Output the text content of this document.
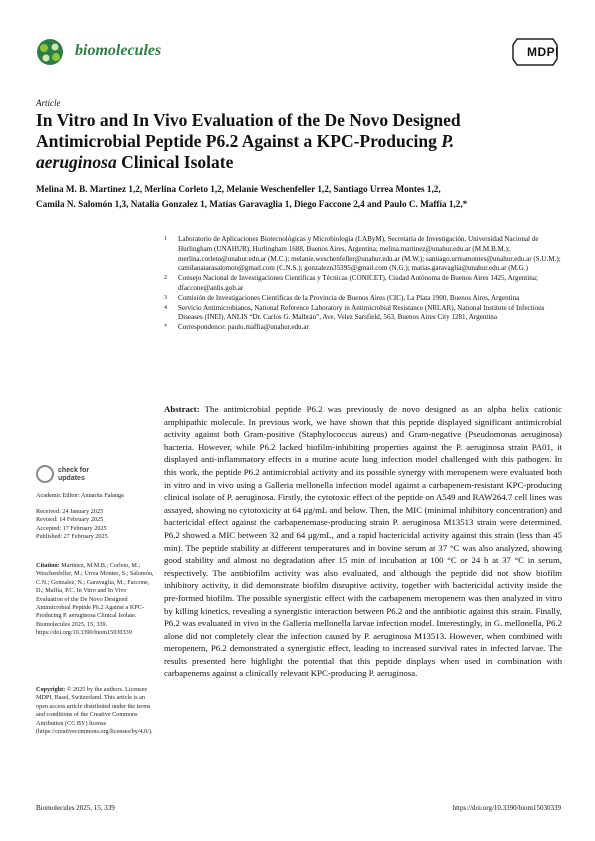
biomolecules	MDPI
Article
In Vitro and In Vivo Evaluation of the De Novo Designed Antimicrobial Peptide P6.2 Against a KPC-Producing P. aeruginosa Clinical Isolate
Melina M. B. Martinez 1,2, Merlina Corleto 1,2, Melanie Weschenfeller 1,2, Santiago Urrea Montes 1,2,
Camila N. Salomón 1,3, Natalia Gonzalez 1, Matías Garavaglia 1, Diego Faccone 2,4 and Paulo C. Maffía 1,2,*
1 Laboratorio de Aplicaciones Biotecnológicas y Microbiología (LAByM), Secretaría de Investigación, Universidad Nacional de Hurlingham (UNAHUR), Hurlingham 1688, Buenos Aires, Argentina; melina.martinez@unahur.edu.ar (M.M.B.M.); merlina.corleto@unahur.edu.ar (M.C.); melanie.weschenfeller@unahur.edu.ar (M.W.); santiago.urreamontes@unahur.edu.ar (S.U.M.); camilanaiarasalomon@gmail.com (C.N.S.); gonzalezn35395@gmail.com (N.G.); matias.garavaglia@unahur.edu.ar (M.G.)
2 Consejo Nacional de Investigaciones Científicas y Técnicas (CONICET), Ciudad Autónoma de Buenos Aires 1425, Argentina; dfaccone@anlis.gob.ar
3 Comisión de Investigaciones Científicas de la Provincia de Buenos Aires (CIC), La Plata 1900, Buenos Aires, Argentina
4 Servicio Antimicrobianos, National Reference Laboratory in Antimicrobial Resistance (NRLAR), National Institute of Infectious Diseases (INEI), ANLIS “Dr. Carlos G. Malbrán”, Ave. Velez Sarsfield, 563, Buenos Aires City 1281, Argentina
* Correspondence: paulo.maffia@unahur.edu.ar
Abstract: The antimicrobial peptide P6.2 was previously de novo designed as an alpha helix cationic amphipathic molecule. In previous work, we have shown that this peptide displayed significant antimicrobial activity against both Gram-positive (Staphylococcus aureus) and Gram-negative (Pseudomonas aeruginosa) bacteria. However, while P6.2 lacked biofilm-inhibiting properties against the P. aeruginosa strain PA01, it displayed anti-inflammatory effects in a murine acute lung infection model challenged with this pathogen. In this work, the peptide P6.2 antimicrobial activity and its possible synergy with meropenem were evaluated both in vitro and in vivo using a Galleria mellonella infection model against a carbapenem-resistant KPC-producing clinical isolate of P. aeruginosa. Firstly, the cytotoxic effect of the peptide on A549 and RAW264.7 cell lines was assayed, showing no cytotoxicity at 64 μg/mL and below. Then, the MIC (minimal inhibitory concentration) and bactericidal effect against the carbapenemase-producing strain P. aeruginosa M13513 strain were determined. P6.2 showed a MIC between 32 and 64 μg/mL, and a rapid bactericidal activity against this strain (less than 45 min). The peptide stability at different temperatures and in bovine serum at 37 °C was also analyzed, showing good stability and almost no degradation after 15 min of incubation at 100 °C or 24 h at 37 °C in serum, respectively. The antibiofilm activity was also evaluated, and although the peptide did not show biofilm inhibitory activity, it did demonstrate biofilm disruptive activity, together with bactericidal activity inside the pre-formed biofilm. The possible synergistic effect with the carbapenem meropenem was then analyzed in vitro by killing kinetics, revealing a synergistic interaction between P6.2 and the antibiotic against this strain. Finally, P6.2 was evaluated in vivo in the Galleria mellonella larvae infection model. Interestingly, in G. mellonella, P6.2 alone did not completely clear the infection caused by P. aeruginosa M13513. However, when combined with meropenem, P6.2 demonstrated a synergistic effect, leading to increased survival rates in infected larvae. The results presented here highlight the potential that this peptide displays when used in combination with carbapenems against a clinically relevant KPC-producing P. aeruginosa.
check for
updates
Academic Editor: Annarita Falanga
Received: 24 January 2025
Revised: 14 February 2025
Accepted: 17 February 2025
Published: 27 February 2025
Citation: Martinez, M.M.B.; Corleto, M.; Weschenfeller, M.; Urrea Montes, S.; Salomón, C.N.; Gonzalez, N.; Garavaglia, M.; Faccone, D.; Maffía, P.C. In Vitro and In Vivo Evaluation of the De Novo Designed Antimicrobial Peptide P6.2 Against a KPC-Producing P. aeruginosa Clinical Isolate. Biomolecules 2025, 15, 339. https://doi.org/10.3390/biom15030339
Copyright: © 2025 by the authors. Licensee MDPI, Basel, Switzerland. This article is an open access article distributed under the terms and conditions of the Creative Commons Attribution (CC BY) license (https://creativecommons.org/licenses/by/4.0/).
Biomolecules 2025, 15, 339	https://doi.org/10.3390/biom15030339
